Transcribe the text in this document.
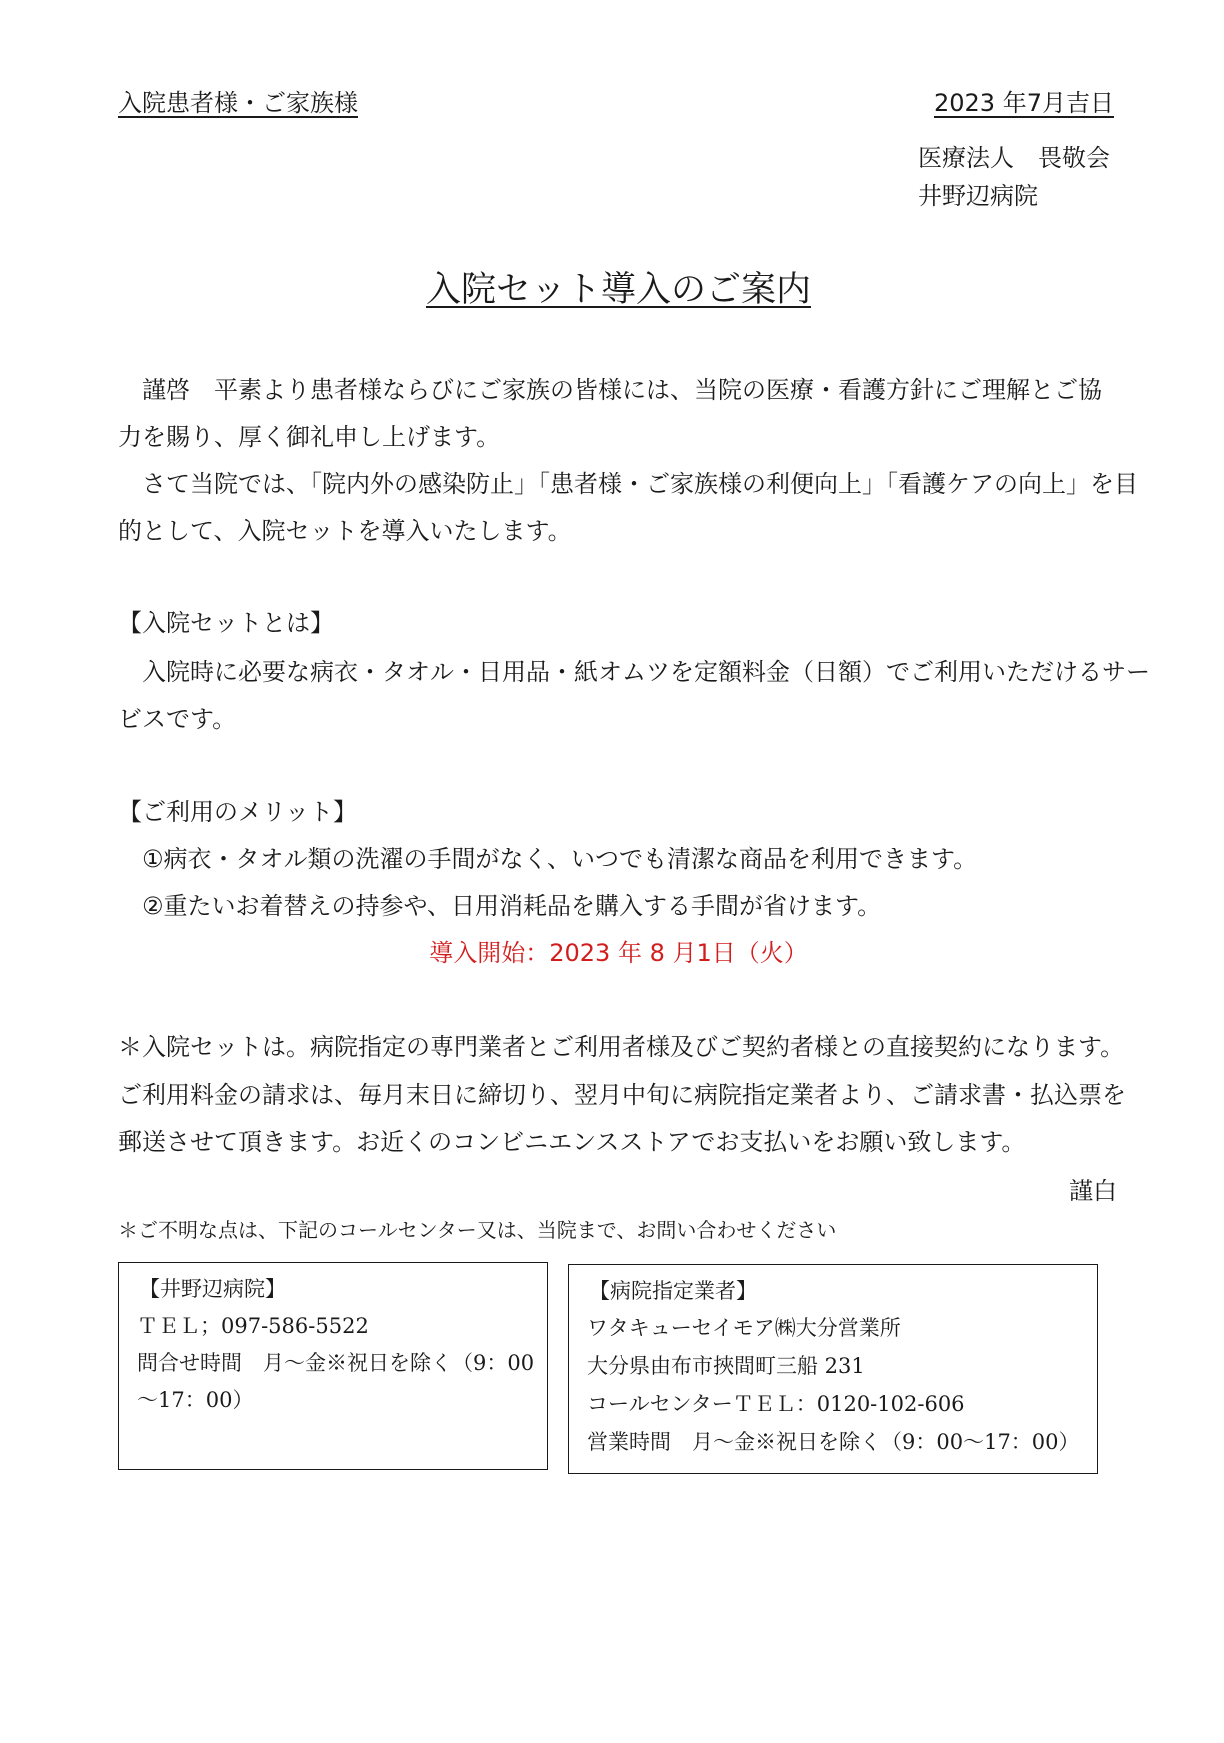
入院患者様・ご家族様	2023 年7月吉日
医療法人　畏敬会
井野辺病院
入院セット導入のご案内
　謹啓　平素より患者様ならびにご家族の皆様には、当院の医療・看護方針にご理解とご協
力を賜り、厚く御礼申し上げます。
　さて当院では、「院内外の感染防止」「患者様・ご家族様の利便向上」「看護ケアの向上」を目
的として、入院セットを導入いたします。
【入院セットとは】
　入院時に必要な病衣・タオル・日用品・紙オムツを定額料金（日額）でご利用いただけるサー
ビスです。
【ご利用のメリット】
　①病衣・タオル類の洗濯の手間がなく、いつでも清潔な商品を利用できます。
　②重たいお着替えの持参や、日用消耗品を購入する手間が省けます。
導入開始：2023 年 8 月1日（火）
＊入院セットは。病院指定の専門業者とご利用者様及びご契約者様との直接契約になります。
ご利用料金の請求は、毎月末日に締切り、翌月中旬に病院指定業者より、ご請求書・払込票を
郵送させて頂きます。お近くのコンビニエンスストアでお支払いをお願い致します。
謹白
＊ご不明な点は、下記のコールセンター又は、当院まで、お問い合わせください
【井野辺病院】
ＴＥＬ；097-586-5522
問合せ時間　月～金※祝日を除く（9：00
～17：00）
【病院指定業者】
ワタキューセイモア㈱大分営業所
大分県由布市挾間町三船 231
コールセンターＴＥＬ：0120-102-606
営業時間　月～金※祝日を除く（9：00～17：00）
